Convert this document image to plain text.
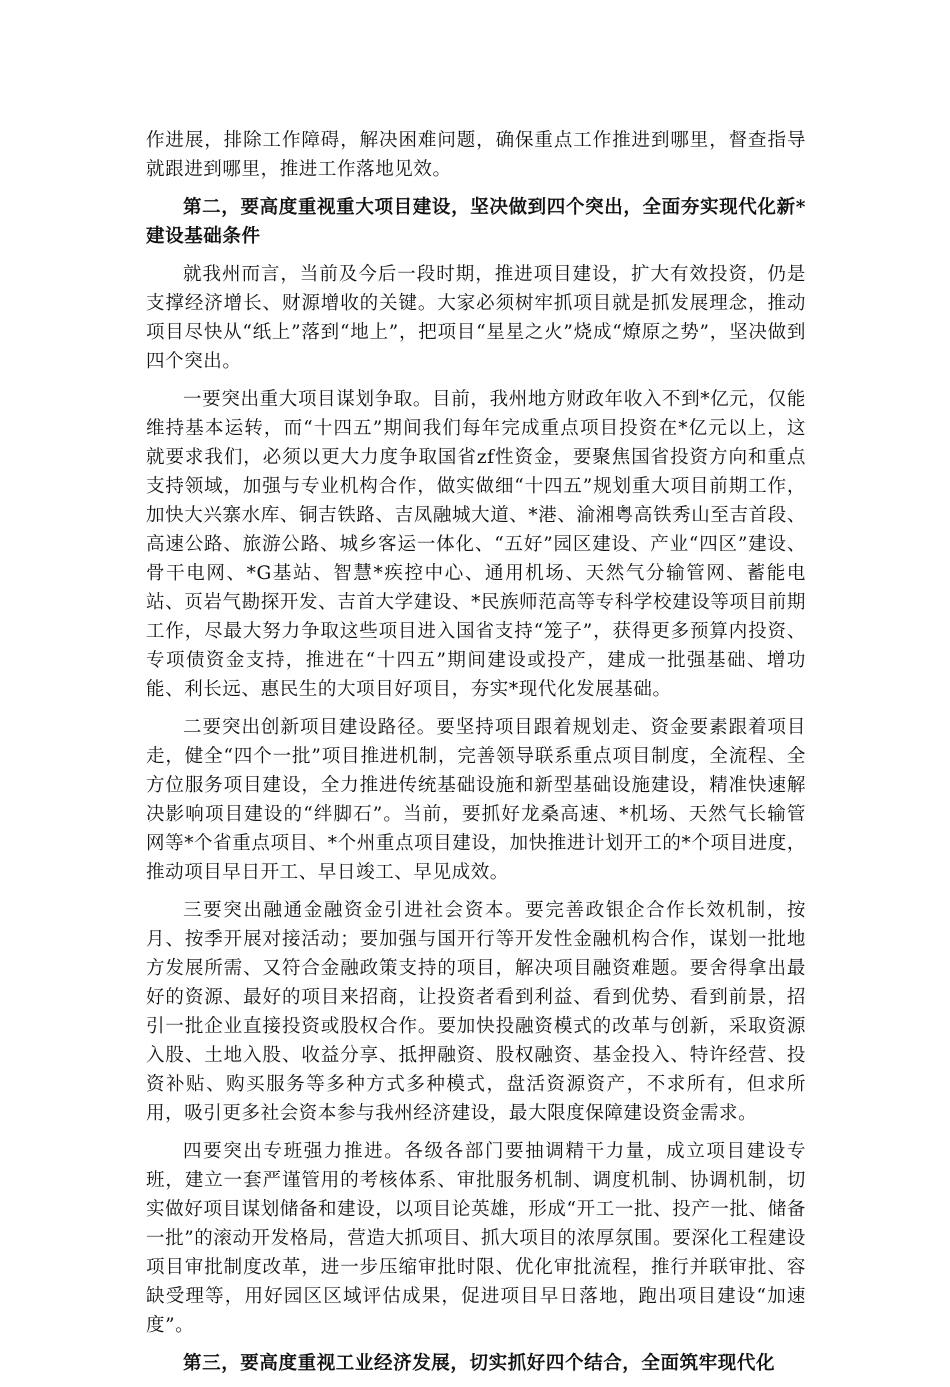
作进展，排除工作障碍，解决困难问题，确保重点工作推进到哪里，督查指导就跟进到哪里，推进工作落地见效。

第二，要高度重视重大项目建设，坚决做到四个突出，全面夯实现代化新*建设基础条件

就我州而言，当前及今后一段时期，推进项目建设，扩大有效投资，仍是支撑经济增长、财源增收的关键。大家必须树牢抓项目就是抓发展理念，推动项目尽快从“纸上”落到“地上”，把项目“星星之火”烧成“燎原之势”，坚决做到四个突出。

一要突出重大项目谋划争取。目前，我州地方财政年收入不到*亿元，仅能维持基本运转，而“十四五”期间我们每年完成重点项目投资在*亿元以上，这就要求我们，必须以更大力度争取国省zf性资金，要聚焦国省投资方向和重点支持领域，加强与专业机构合作，做实做细“十四五”规划重大项目前期工作，加快大兴寨水库、铜吉铁路、吉凤融城大道、*港、渝湘粤高铁秀山至吉首段、高速公路、旅游公路、城乡客运一体化、“五好”园区建设、产业“四区”建设、骨干电网、*G基站、智慧*疾控中心、通用机场、天然气分输管网、蓄能电站、页岩气勘探开发、吉首大学建设、*民族师范高等专科学校建设等项目前期工作，尽最大努力争取这些项目进入国省支持“笼子”，获得更多预算内投资、专项债资金支持，推进在“十四五”期间建设或投产，建成一批强基础、增功能、利长远、惠民生的大项目好项目，夯实*现代化发展基础。

二要突出创新项目建设路径。要坚持项目跟着规划走、资金要素跟着项目走，健全“四个一批”项目推进机制，完善领导联系重点项目制度，全流程、全方位服务项目建设，全力推进传统基础设施和新型基础设施建设，精准快速解决影响项目建设的“绊脚石”。当前，要抓好龙桑高速、*机场、天然气长输管网等*个省重点项目、*个州重点项目建设，加快推进计划开工的*个项目进度，推动项目早日开工、早日竣工、早见成效。

三要突出融通金融资金引进社会资本。要完善政银企合作长效机制，按月、按季开展对接活动；要加强与国开行等开发性金融机构合作，谋划一批地方发展所需、又符合金融政策支持的项目，解决项目融资难题。要舍得拿出最好的资源、最好的项目来招商，让投资者看到利益、看到优势、看到前景，招引一批企业直接投资或股权合作。要加快投融资模式的改革与创新，采取资源入股、土地入股、收益分享、抵押融资、股权融资、基金投入、特许经营、投资补贴、购买服务等多种方式多种模式，盘活资源资产，不求所有，但求所用，吸引更多社会资本参与我州经济建设，最大限度保障建设资金需求。

四要突出专班强力推进。各级各部门要抽调精干力量，成立项目建设专班，建立一套严谨管用的考核体系、审批服务机制、调度机制、协调机制，切实做好项目谋划储备和建设，以项目论英雄，形成“开工一批、投产一批、储备一批”的滚动开发格局，营造大抓项目、抓大项目的浓厚氛围。要深化工程建设项目审批制度改革，进一步压缩审批时限、优化审批流程，推行并联审批、容缺受理等，用好园区区域评估成果，促进项目早日落地，跑出项目建设“加速度”。

第三，要高度重视工业经济发展，切实抓好四个结合，全面筑牢现代化
